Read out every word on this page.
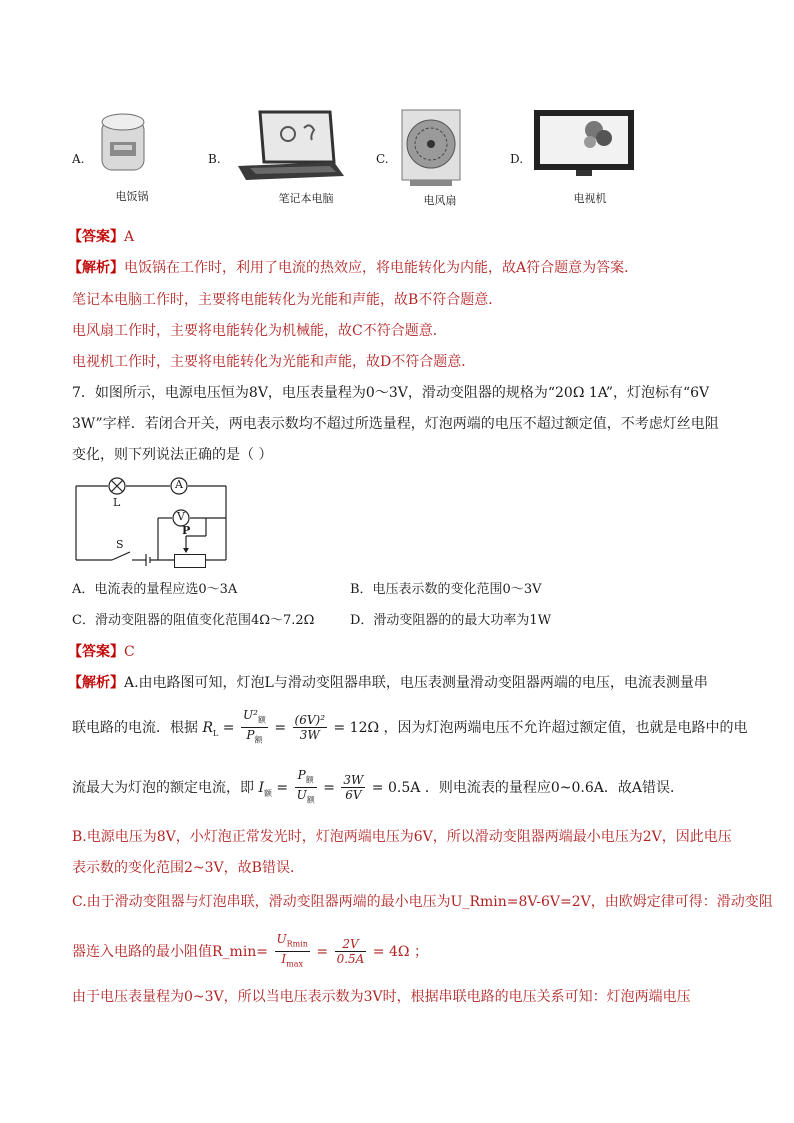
A.
电饭锅
B.
笔记本电脑
C.
电风扇
D.
电视机
【答案】A
【解析】电饭锅在工作时，利用了电流的热效应，将电能转化为内能，故A符合题意为答案．
笔记本电脑工作时，主要将电能转化为光能和声能，故B不符合题意．
电风扇工作时，主要将电能转化为机械能，故C不符合题意．
电视机工作时，主要将电能转化为光能和声能，故D不符合题意．
7．如图所示，电源电压恒为8V，电压表量程为0～3V，滑动变阻器的规格为“20Ω 1A”，灯泡标有“6V
3W”字样．若闭合开关，两电表示数均不超过所选量程，灯泡两端的电压不超过额定值，不考虑灯丝电阻
变化，则下列说法正确的是（ ）
L
A
V
P
S
A．电流表的量程应选0～3A	B．电压表示数的变化范围0～3V
C．滑动变阻器的阻值变化范围4Ω～7.2Ω	D．滑动变阻器的的最大功率为1W
【答案】C
【解析】A.由电路图可知，灯泡L与滑动变阻器串联，电压表测量滑动变阻器两端的电压，电流表测量串
联电路的电流．根据 $R_L = \frac{U^2_额}{P_额} = \frac{\text{(6V)²}}{3W} = 12\Omega$ ，因为灯泡两端电压不允许超过额定值，也就是电路中的电
流最大为灯泡的额定电流，即 $I_额 = \frac{P_额}{U_额} = \frac{3W}{6V} = 0.5A$ ．则电流表的量程应0~0.6A．故A错误．
B.电源电压为8V，小灯泡正常发光时，灯泡两端电压为6V，所以滑动变阻器两端最小电压为2V，因此电压
表示数的变化范围2~3V，故B错误．
C.由于滑动变阻器与灯泡串联，滑动变阻器两端的最小电压为U_Rmin=8V-6V=2V，由欧姆定律可得：滑动变阻
器连入电路的最小阻值R_min= $\frac{U_{Rmin}}{I_{max}} = \frac{2V}{0.5A} = 4\Omega$ ；
由于电压表量程为0~3V，所以当电压表示数为3V时，根据串联电路的电压关系可知：灯泡两端电压
